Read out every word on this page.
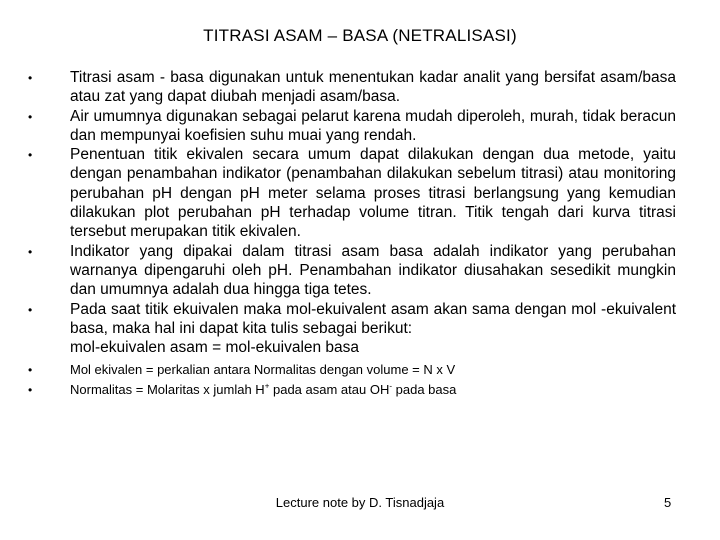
TITRASI ASAM – BASA (NETRALISASI)
• Titrasi asam - basa digunakan untuk menentukan kadar analit yang bersifat asam/basa atau zat yang dapat diubah menjadi asam/basa.
• Air umumnya digunakan sebagai pelarut karena mudah diperoleh, murah, tidak beracun dan mempunyai koefisien suhu muai yang rendah.
• Penentuan titik ekivalen secara umum dapat dilakukan dengan dua metode, yaitu dengan penambahan indikator (penambahan dilakukan sebelum titrasi) atau monitoring perubahan pH dengan pH meter selama proses titrasi berlangsung yang kemudian dilakukan plot perubahan pH terhadap volume titran. Titik tengah dari kurva titrasi tersebut merupakan titik ekivalen.
• Indikator yang dipakai dalam titrasi asam basa adalah indikator yang perubahan warnanya dipengaruhi oleh pH. Penambahan indikator diusahakan sesedikit mungkin dan umumnya adalah dua hingga tiga tetes.
• Pada saat titik ekuivalen maka mol-ekuivalent asam akan sama dengan mol -ekuivalent basa, maka hal ini dapat kita tulis sebagai berikut:
mol-ekuivalen asam = mol-ekuivalen basa
•	Mol ekivalen = perkalian antara Normalitas dengan volume = N x V
•	Normalitas = Molaritas x jumlah H+ pada asam atau OH- pada basa
Lecture note by D. Tisnadjaja	5
